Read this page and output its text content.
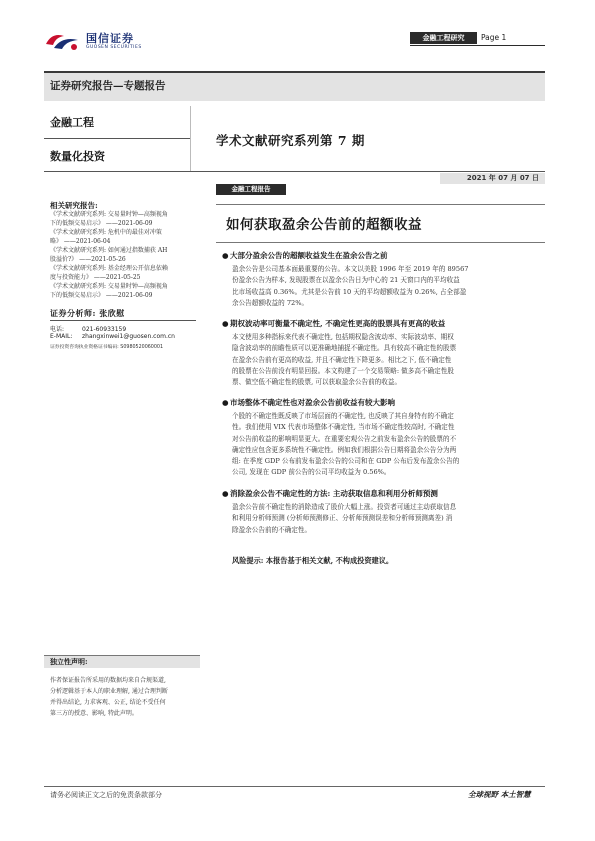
国信证券
GUOSEN SECURITIES
金融工程研究	Page 1
证券研究报告—专题报告
金融工程
数量化投资
学术文献研究系列第 7 期
2021 年 07 月 07 日
金融工程报告
如何获取盈余公告前的超额收益
相关研究报告:
《学术文献研究系列: 交易量时钟—高频视角
下的低频交易启示》 ——2021-06-09
《学术文献研究系列: 危机中的最佳对冲策
略》 ——2021-06-04
《学术文献研究系列: 如何通过指数捕获 AH
股溢价?》 ——2021-05-26
《学术文献研究系列: 基金经理公开信息依赖
度与投资能力》 ——2021-05-25
《学术文献研究系列: 交易量时钟—高频视角
下的低频交易启示》 ——2021-06-09
证券分析师: 张欣慰
电话:	021-60933159
E-MAIL: zhangxinwei1@guosen.com.cn
证券投资咨询执业资格证书编码: S0980520060001
●大部分盈余公告的超额收益发生在盈余公告之前
盈余公告是公司基本面最重要的公告。本文以美股 1996 年至 2019 年的 89567
份盈余公告为样本, 发现股票在以盈余公告日为中心的 21 天窗口内的平均收益
比市场收益高 0.36%。尤其是公告前 10 天的平均超额收益为 0.26%, 占全部盈
余公告超额收益的 72%。
●期权波动率可衡量不确定性, 不确定性更高的股票具有更高的收益
本文使用多种指标来代表不确定性, 包括期权隐含波动率、实际波动率、期权
隐含波动率的前瞻性质可以更准确地捕捉不确定性。具有较高不确定性的股票
在盈余公告前有更高的收益, 并且不确定性下降更多。相比之下, 低不确定性
的股票在公告前没有明显回报。本文构建了一个交易策略: 做多高不确定性股
票、做空低不确定性的股票, 可以获取盈余公告前的收益。
●市场整体不确定性也对盈余公告前收益有较大影响
个股的不确定性既反映了市场层面的不确定性, 也反映了其自身特有的不确定
性。我们使用 VIX 代表市场整体不确定性, 当市场不确定性较高时, 不确定性
对公告前收益的影响明显更大。在重要宏观公告之前发布盈余公告的股票的不
确定性应包含更多系统性不确定性。例如我们根据公告日期将盈余公告分为两
组: 在季度 GDP 公布前发布盈余公告的公司和在 GDP 公布后发布盈余公告的
公司, 发现在 GDP 前公告的公司平均收益为 0.56%。
●消除盈余公告不确定性的方法: 主动获取信息和利用分析师预测
盈余公告前不确定性的消除造成了股价大幅上涨。投资者可通过主动获取信息
和利用分析师预测 (分析师预测修正、分析师预测误差和分析师预测离差) 消
除盈余公告前的不确定性。
风险提示: 本报告基于相关文献, 不构成投资建议。
独立性声明:
作者保证报告所采用的数据均来自合规渠道,
分析逻辑基于本人的职业理解, 通过合理判断
并得出结论, 力求客观、公正, 结论不受任何
第三方的授意、影响, 特此声明。
请务必阅读正文之后的免责条款部分	全球视野 本土智慧
